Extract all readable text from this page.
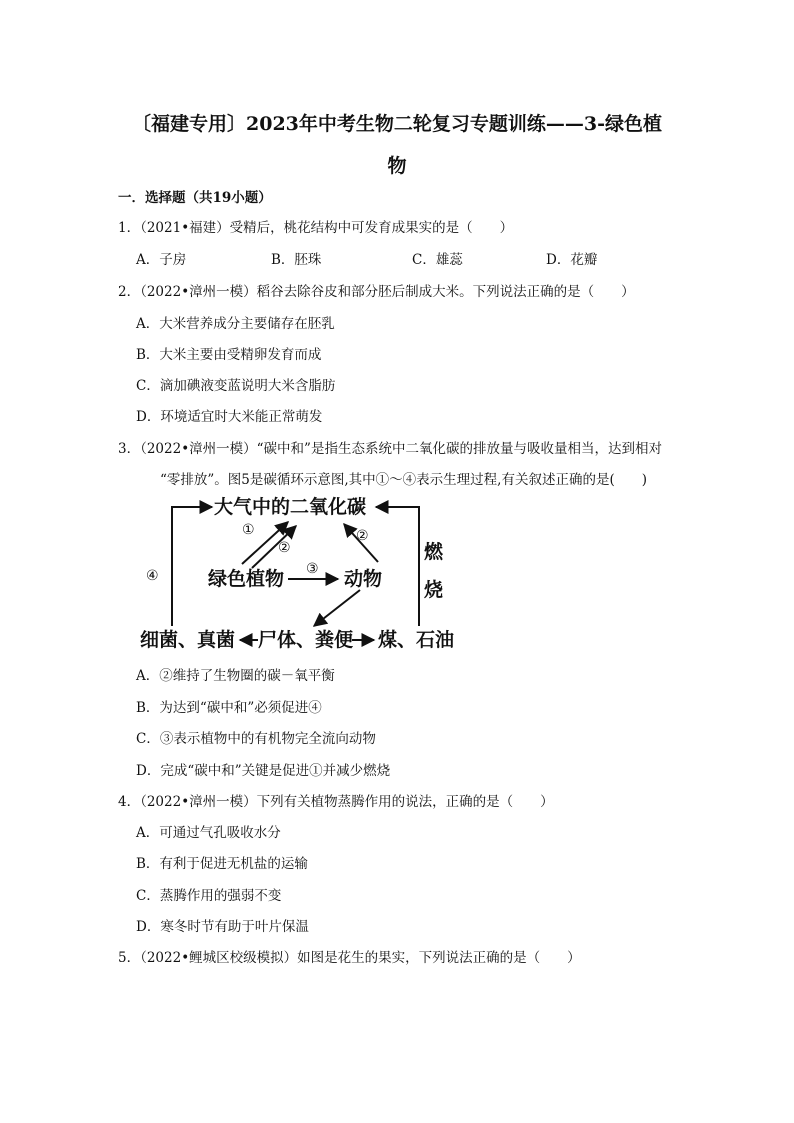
〔福建专用〕2023年中考生物二轮复习专题训练——3-绿色植
物
一．选择题（共19小题）
1．（2021•福建）受精后，桃花结构中可发育成果实的是（　　）
A．子房	B．胚珠	C．雄蕊	D．花瓣
2．（2022•漳州一模）稻谷去除谷皮和部分胚后制成大米。下列说法正确的是（　　）
A．大米营养成分主要储存在胚乳
B．大米主要由受精卵发育而成
C．滴加碘液变蓝说明大米含脂肪
D．环境适宜时大米能正常萌发
3．（2022•漳州一模）“碳中和”是指生态系统中二氧化碳的排放量与吸收量相当，达到相对
“零排放”。图5是碳循环示意图,其中①～④表示生理过程,有关叙述正确的是(　　)
大气中的二氧化碳
绿色植物	动物
细菌、真菌 尸体、粪便 煤、石油
燃
烧
①
②
②
③
④
A．②维持了生物圈的碳－氧平衡
B．为达到“碳中和”必须促进④
C．③表示植物中的有机物完全流向动物
D．完成“碳中和”关键是促进①并减少燃烧
4．（2022•漳州一模）下列有关植物蒸腾作用的说法，正确的是（　　）
A．可通过气孔吸收水分
B．有利于促进无机盐的运输
C．蒸腾作用的强弱不变
D．寒冬时节有助于叶片保温
5．（2022•鲤城区校级模拟）如图是花生的果实，下列说法正确的是（　　）
